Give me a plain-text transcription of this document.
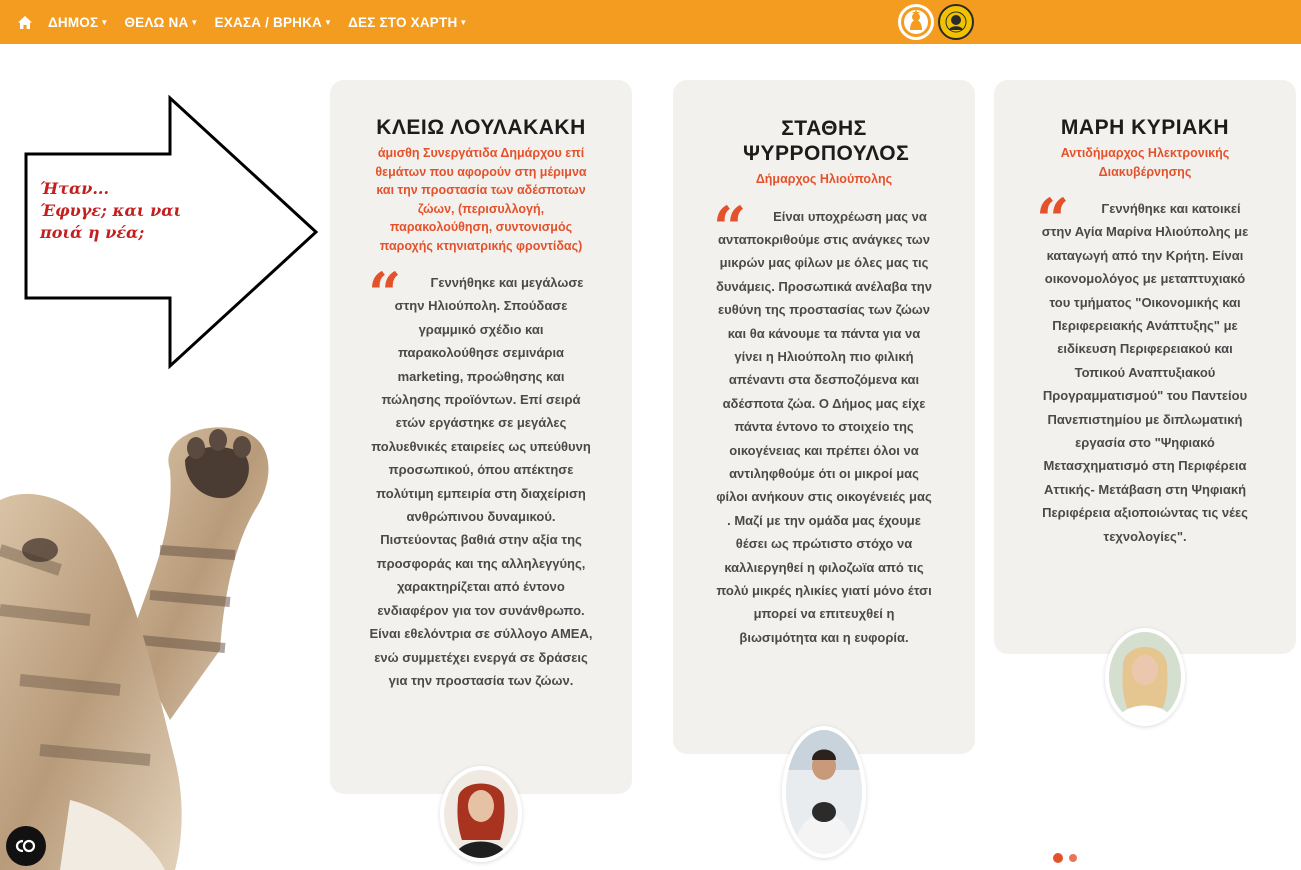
ΔΗΜΟΣ ▼ ΘΕΛΩ ΝΑ ▼ ΕΧΑΣΑ / ΒΡΗΚΑ ▼ ΔΕΣ ΣΤΟ ΧΑΡΤΗ ▼
Ήταν...
Έφυγε; και ναι
ποιά η νέα;
ΚΛΕΙΩ ΛΟΥΛΑΚΑΚΗ
άμισθη Συνεργάτιδα Δημάρχου επί θεμάτων που αφορούν στη μέριμνα και την προστασία των αδέσποτων ζώων, (περισυλλογή, παρακολούθηση, συντονισμός παροχής κτηνιατρικής φροντίδας)
“	Γεννήθηκε και μεγάλωσε στην Ηλιούπολη. Σπούδασε γραμμικό σχέδιο και παρακολούθησε σεμινάρια marketing, προώθησης και πώλησης προϊόντων. Επί σειρά ετών εργάστηκε σε μεγάλες πολυεθνικές εταιρείες ως υπεύθυνη προσωπικού, όπου απέκτησε πολύτιμη εμπειρία στη διαχείριση ανθρώπινου δυναμικού. Πιστεύοντας βαθιά στην αξία της προσφοράς και της αλληλεγγύης, χαρακτηρίζεται από έντονο ενδιαφέρον για τον συνάνθρωπο. Είναι εθελόντρια σε σύλλογο ΑΜΕΑ, ενώ συμμετέχει ενεργά σε δράσεις για την προστασία των ζώων.
ΣΤΑΘΗΣ ΨΥΡΡΟΠΟΥΛΟΣ
Δήμαρχος Ηλιούπολης
“	Είναι υποχρέωση μας να ανταποκριθούμε στις ανάγκες των μικρών μας φίλων με όλες μας τις δυνάμεις. Προσωπικά ανέλαβα την ευθύνη της προστασίας των ζώων και θα κάνουμε τα πάντα για να γίνει η Ηλιούπολη πιο φιλική απέναντι στα δεσποζόμενα και αδέσποτα ζώα. Ο Δήμος μας είχε πάντα έντονο το στοιχείο της οικογένειας και πρέπει όλοι να αντιληφθούμε ότι οι μικροί μας φίλοι ανήκουν στις οικογένειές μας . Μαζί με την ομάδα μας έχουμε θέσει ως πρώτιστο στόχο να καλλιεργηθεί η φιλοζωϊα από τις πολύ μικρές ηλικίες γιατί μόνο έτσι μπορεί να επιτευχθεί η βιωσιμότητα και η ευφορία.
ΜΑΡΗ ΚΥΡΙΑΚΗ
Αντιδήμαρχος Ηλεκτρονικής Διακυβέρνησης
“	Γεννήθηκε και κατοικεί στην Αγία Μαρίνα Ηλιούπολης με καταγωγή από την Κρήτη. Είναι οικονομολόγος με μεταπτυχιακό του τμήματος "Οικονομικής και Περιφερειακής Ανάπτυξης" με ειδίκευση Περιφερειακού και Τοπικού Αναπτυξιακού Προγραμματισμού" του Παντείου Πανεπιστημίου με διπλωματική εργασία στο "Ψηφιακό Μετασχηματισμό στη Περιφέρεια Αττικής- Μετάβαση στη Ψηφιακή Περιφέρεια αξιοποιώντας τις νέες τεχνολογίες".
